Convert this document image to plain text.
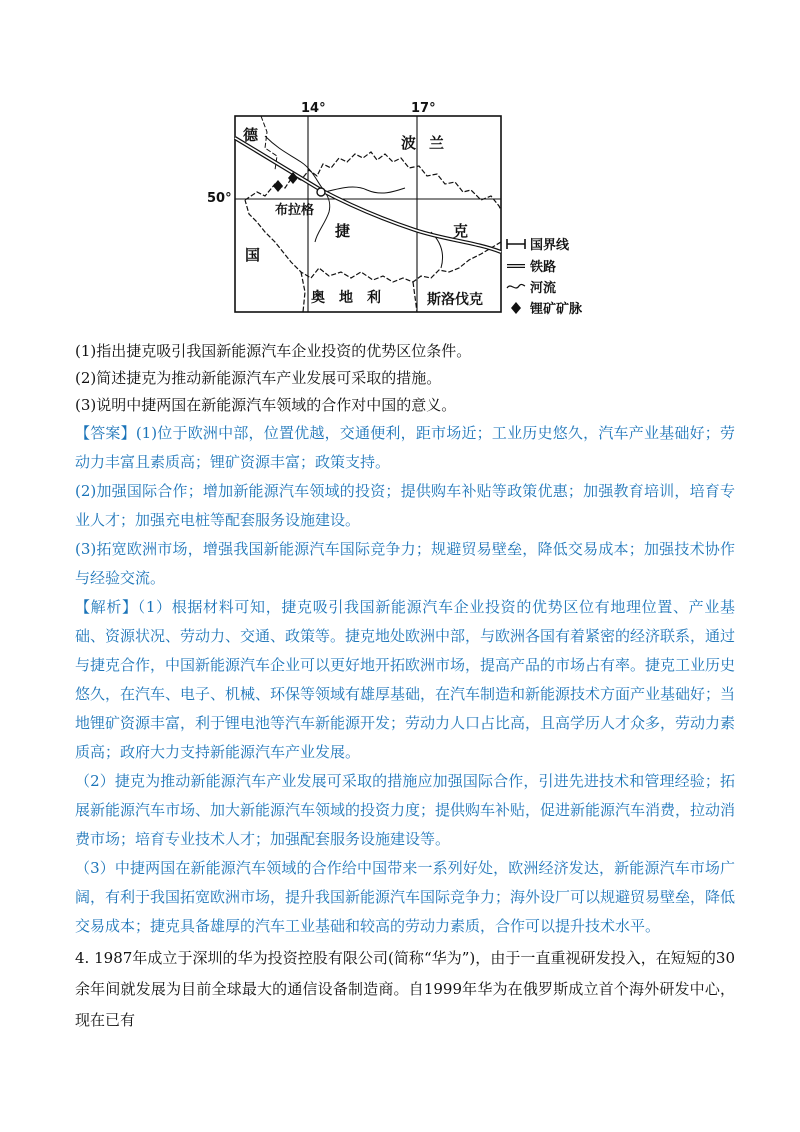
14°	17°
50°
德
国
波 兰
捷	克
布拉格
奥 地 利	斯洛伐克
国界线
铁路
河流
锂矿矿脉

(1)指出捷克吸引我国新能源汽车企业投资的优势区位条件。

(2)简述捷克为推动新能源汽车产业发展可采取的措施。

(3)说明中捷两国在新能源汽车领域的合作对中国的意义。

【答案】(1)位于欧洲中部，位置优越，交通便利，距市场近；工业历史悠久，汽车产业基础好；劳动力丰富且素质高；锂矿资源丰富；政策支持。

(2)加强国际合作；增加新能源汽车领域的投资；提供购车补贴等政策优惠；加强教育培训，培育专业人才；加强充电桩等配套服务设施建设。

(3)拓宽欧洲市场，增强我国新能源汽车国际竞争力；规避贸易壁垒，降低交易成本；加强技术协作与经验交流。

【解析】（1）根据材料可知，捷克吸引我国新能源汽车企业投资的优势区位有地理位置、产业基础、资源状况、劳动力、交通、政策等。捷克地处欧洲中部，与欧洲各国有着紧密的经济联系，通过与捷克合作，中国新能源汽车企业可以更好地开拓欧洲市场，提高产品的市场占有率。捷克工业历史悠久，在汽车、电子、机械、环保等领域有雄厚基础，在汽车制造和新能源技术方面产业基础好；当地锂矿资源丰富，利于锂电池等汽车新能源开发；劳动力人口占比高，且高学历人才众多，劳动力素质高；政府大力支持新能源汽车产业发展。

（2）捷克为推动新能源汽车产业发展可采取的措施应加强国际合作，引进先进技术和管理经验；拓展新能源汽车市场、加大新能源汽车领域的投资力度；提供购车补贴，促进新能源汽车消费，拉动消费市场；培育专业技术人才；加强配套服务设施建设等。

（3）中捷两国在新能源汽车领域的合作给中国带来一系列好处，欧洲经济发达，新能源汽车市场广阔，有利于我国拓宽欧洲市场，提升我国新能源汽车国际竞争力；海外设厂可以规避贸易壁垒，降低交易成本；捷克具备雄厚的汽车工业基础和较高的劳动力素质，合作可以提升技术水平。

4. 1987年成立于深圳的华为投资控股有限公司(简称“华为”)，由于一直重视研发投入，在短短的30余年间就发展为目前全球最大的通信设备制造商。自1999年华为在俄罗斯成立首个海外研发中心，现在已有
